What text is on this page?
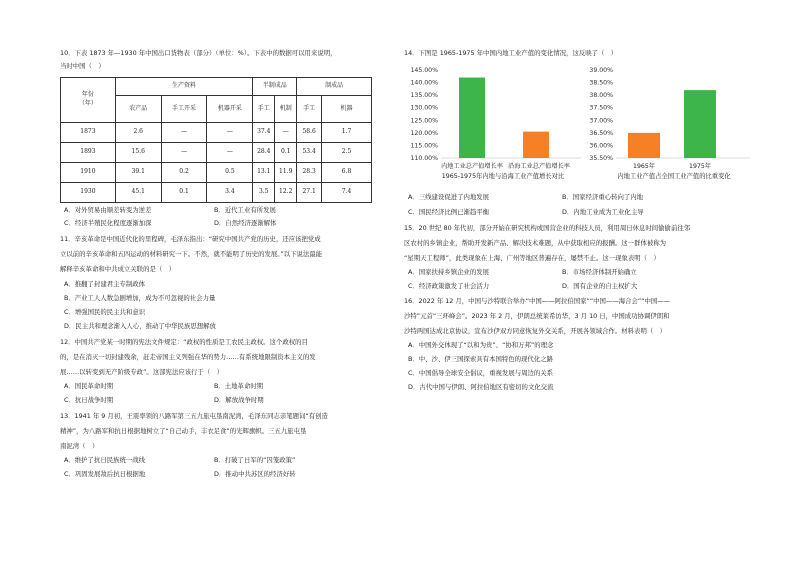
10．下表 1873 年—1930 年中国出口货物表（部分）（单位：%）。下表中的数据可以用来说明，
当时中国（　）
年份
（年）	生产资料			半制成品		制成品	
	农产品	手工开采	机器开采	手工	机制	手工	机器
1873	2.6	—	—	37.4	—	58.6	1.7
1893	15.6	—	—	28.4	0.1	53.4	2.5
1910	39.1	0.2	0.5	13.1	11.9	28.3	6.8
1930	45.1	0.1	3.4	3.5	12.2	27.1	7.4
A．对外贸易由顺差转变为逆差	B．近代工业有所发展
C．经济半殖民化程度逐渐加深	D．自然经济逐渐解体
11．辛亥革命是中国近代化的里程碑，毛泽东指出：“研究中国共产党的历史，还应该把党成
立以前的辛亥革命和五四运动的材料研究一下。不然，就不能明了历史的发展。”以下说法最能
解释辛亥革命和中共成立关联的是（　）
A．推翻了封建君主专制政体
B．产业工人人数急剧增加，成为不可忽视的社会力量
C．增强国民的民主共和意识
D．民主共和理念渐入人心，推动了中华民族思想解放
12．中国共产党某一时期的宪法文件规定：“政权的性质是工农民主政权。这个政权的目
的，是在消灭一切封建残余，赶走帝国主义列强在华的势力……有系统地限制资本主义的发
展……以转变到无产阶级专政”。这部宪法应该行于（　）
A．国民革命时期	B．土地革命时期
C．抗日战争时期	D．解放战争时期
13．1941 年 9 月初，王震率领的八路军第三五九旅屯垦南泥湾，毛泽东同志亲笔题词“有创造
精神”，为八路军和抗日根据地树立了“自己动手，丰衣足食”的光辉旗帜。三五九旅屯垦
南泥湾（　）
A．维护了抗日民族统一战线	B．打破了日军的“囚笼政策”
C．巩固发展敌后抗日根据地	D．推动中共苏区的经济好转
14．下图是 1965-1975 年中国内地工业产值的变化情况，这反映了（　）
110.00%
115.00%
120.00%
125.00%
130.00%
135.00%
140.00%
145.00%
内地工业总产值增长率 沿海工业总产值增长率
1965-1975年内地与沿海工业产值增长对比
35.50%
36.00%
36.50%
37.00%
37.50%
38.00%
38.50%
39.00%
1965年	1975年
内地工业产值占全国工业产值的比重变化
A．三线建设促进了内地发展	B．国家经济重心转向了内地
C．国民经济比例已渐趋平衡	D．内地工业成为工业化主导
15．20 世纪 80 年代初，部分开始在研究机构或国营企业的科技人员，利用周日休息时间偷偷前往邻
区农村的乡镇企业，帮助开发新产品、解决技术难题，从中获取相应的报酬。这一群体被称为
“星期天工程师”，此类现象在上海、广州等地区普遍存在，屡禁不止。这一现象表明（　）
A．国家扶持乡镇企业的发展	B．市场经济体制开始确立
C．经济政策激发了社会活力	D．国有企业的自主权扩大
16．2022 年 12 月，中国与沙特联合举办“中国——阿拉伯国家”“中国——海合会”“中国——
沙特”元首“三环峰会”。2023 年 2 月，伊朗总统莱希访华，3 月 10 日，中国成功协调伊朗和
沙特两国达成北京协议，宣布沙伊双方同意恢复外交关系，开展各领域合作。材料表明（　）
A．中国外交体现了“以和为贵”、“协和万邦”的理念
B．中、沙、伊三国探索具有本国特色的现代化之路
C．中国倡导全球安全倡议，重视发展与周边的关系
D．古代中国与伊朗、阿拉伯地区有密切的文化交流
